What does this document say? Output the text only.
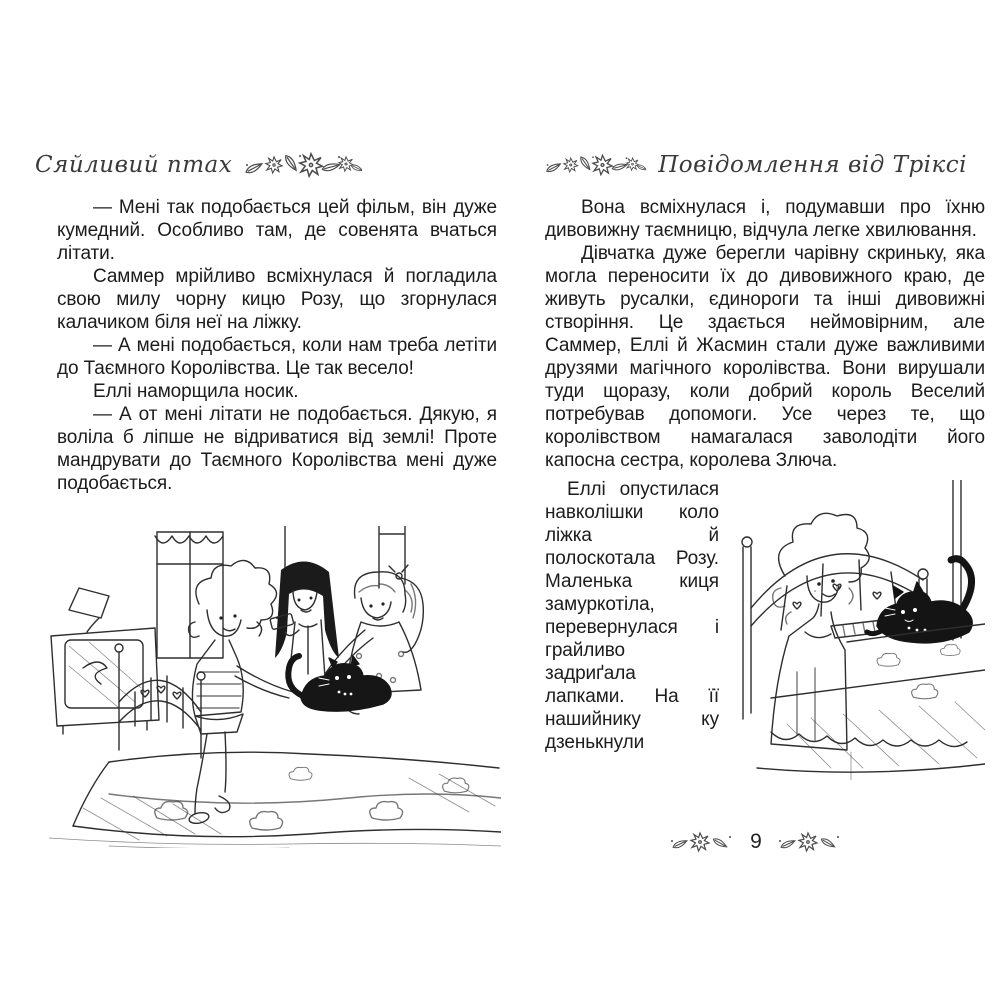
Сяйливий птах

— Мені так подобається цей фільм, він дуже кумедний. Особливо там, де совенята вчаться літати.

Саммер мрійливо всміхнулася й погладила свою милу чорну кицю Розу, що згорнулася калачиком біля неї на ліжку.

— А мені подобається, коли нам треба летіти до Таємного Королівства. Це так весело!

Еллі наморщила носик.

— А от мені літати не подобається. Дякую, я воліла б ліпше не відриватися від землі! Проте мандрувати до Таємного Королівства мені дуже подобається.

Повідомлення від Тріксі

Вона всміхнулася і, подумавши про їхню дивовижну таємницю, відчула легке хвилювання.

Дівчатка дуже берегли чарівну скриньку, яка могла переносити їх до дивовижного краю, де живуть русалки, єдинороги та інші дивовижні створіння. Це здається неймовірним, але Саммер, Еллі й Жасмин стали дуже важливими друзями магічного королівства. Вони вирушали туди щоразу, коли добрий король Веселий потребував допомоги. Усе через те, що королівством намагалася заволодіти його капосна сестра, королева Злюча.

Еллі опустилася навколішки коло ліжка й полоскотала Розу. Маленька киця замуркотіла, перевернулася і грайливо задриґала лапками. На її нашийнику ку дзенькнули

9
